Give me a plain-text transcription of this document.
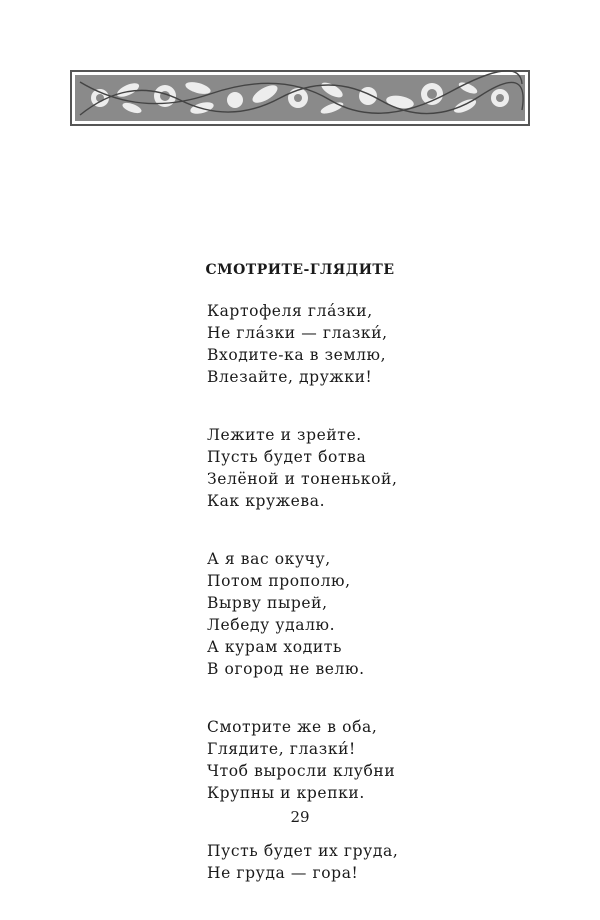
СМОТРИТЕ-ГЛЯДИТЕ
Картофеля гла́зки,
Не гла́зки — глазки́,
Входите-ка в землю,
Влезайте, дружки!
Лежите и зрейте.
Пусть будет ботва
Зелёной и тоненькой,
Как кружева.
А я вас окучу,
Потом прополю,
Вырву пырей,
Лебеду удалю.
А курам ходить
В огород не велю.
Смотрите же в оба,
Глядите, глазки́!
Чтоб выросли клубни
Крупны и крепки.
Пусть будет их груда,
Не груда — гора!
29
